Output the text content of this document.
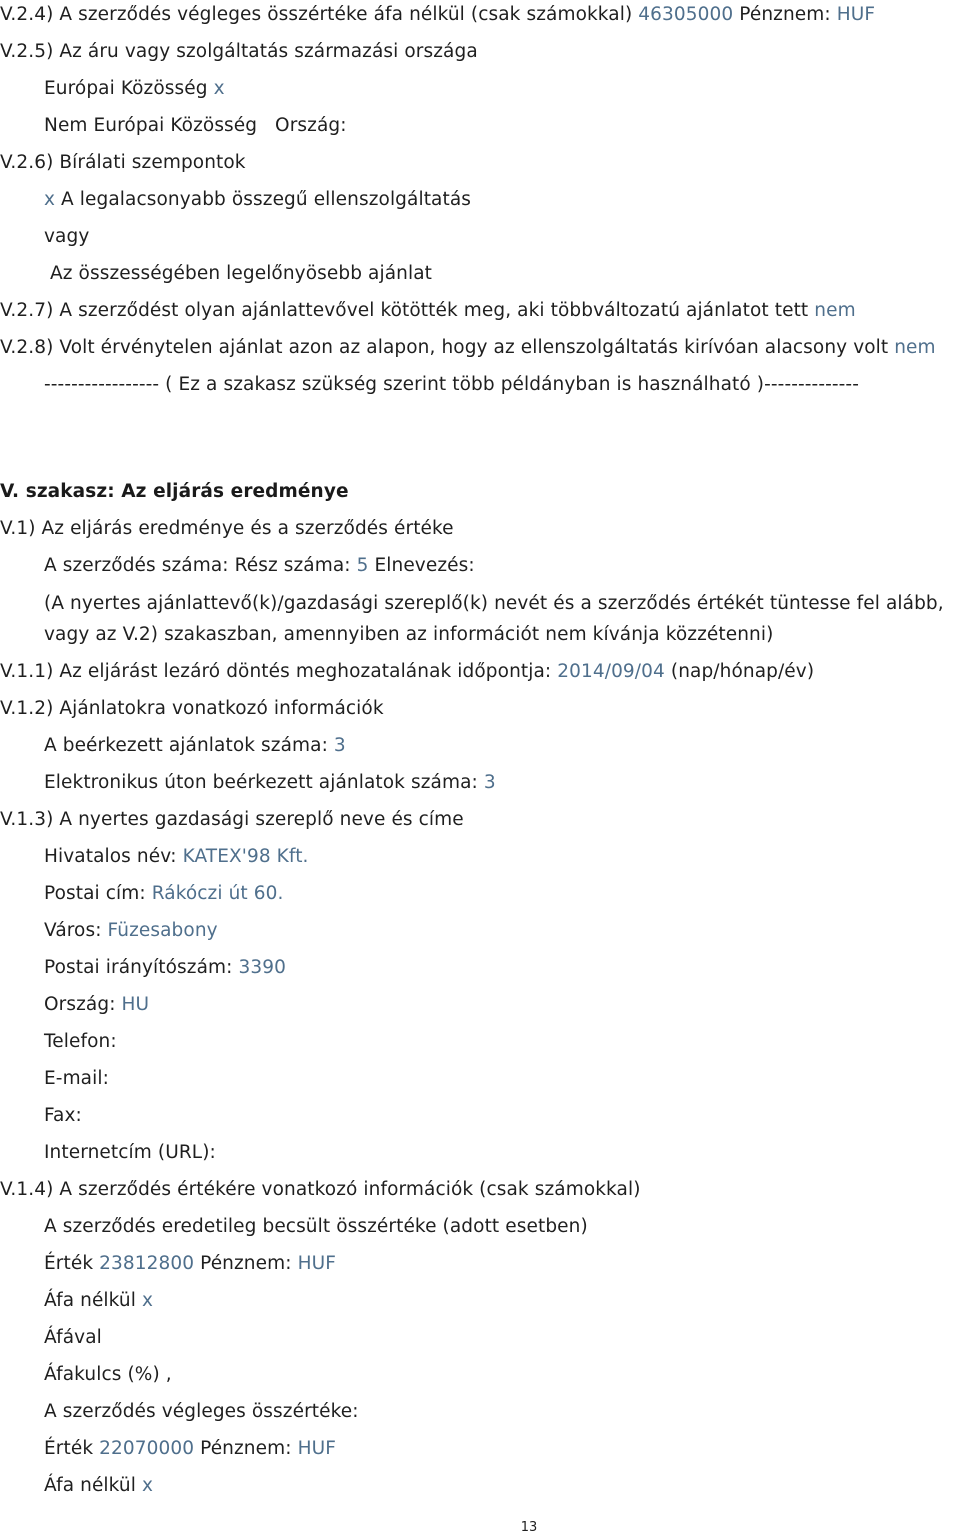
V.2.4) A szerződés végleges összértéke áfa nélkül (csak számokkal) 46305000 Pénznem: HUF
V.2.5) Az áru vagy szolgáltatás származási országa
Európai Közösség x
Nem Európai Közösség   Ország:
V.2.6) Bírálati szempontok
x A legalacsonyabb összegű ellenszolgáltatás
vagy
Az összességében legelőnyösebb ajánlat
V.2.7) A szerződést olyan ajánlattevővel kötötték meg, aki többváltozatú ajánlatot tett nem
V.2.8) Volt érvénytelen ajánlat azon az alapon, hogy az ellenszolgáltatás kirívóan alacsony volt nem
----------------- ( Ez a szakasz szükség szerint több példányban is használható )--------------
V. szakasz: Az eljárás eredménye
V.1) Az eljárás eredménye és a szerződés értéke
A szerződés száma: Rész száma: 5 Elnevezés:
(A nyertes ajánlattevő(k)/gazdasági szereplő(k) nevét és a szerződés értékét tüntesse fel alább,
vagy az V.2) szakaszban, amennyiben az információt nem kívánja közzétenni)
V.1.1) Az eljárást lezáró döntés meghozatalának időpontja: 2014/09/04 (nap/hónap/év)
V.1.2) Ajánlatokra vonatkozó információk
A beérkezett ajánlatok száma: 3
Elektronikus úton beérkezett ajánlatok száma: 3
V.1.3) A nyertes gazdasági szereplő neve és címe
Hivatalos név: KATEX'98 Kft.
Postai cím: Rákóczi út 60.
Város: Füzesabony
Postai irányítószám: 3390
Ország: HU
Telefon:
E-mail:
Fax:
Internetcím (URL):
V.1.4) A szerződés értékére vonatkozó információk (csak számokkal)
A szerződés eredetileg becsült összértéke (adott esetben)
Érték 23812800 Pénznem: HUF
Áfa nélkül x
Áfával
Áfakulcs (%) ,
A szerződés végleges összértéke:
Érték 22070000 Pénznem: HUF
Áfa nélkül x
13
